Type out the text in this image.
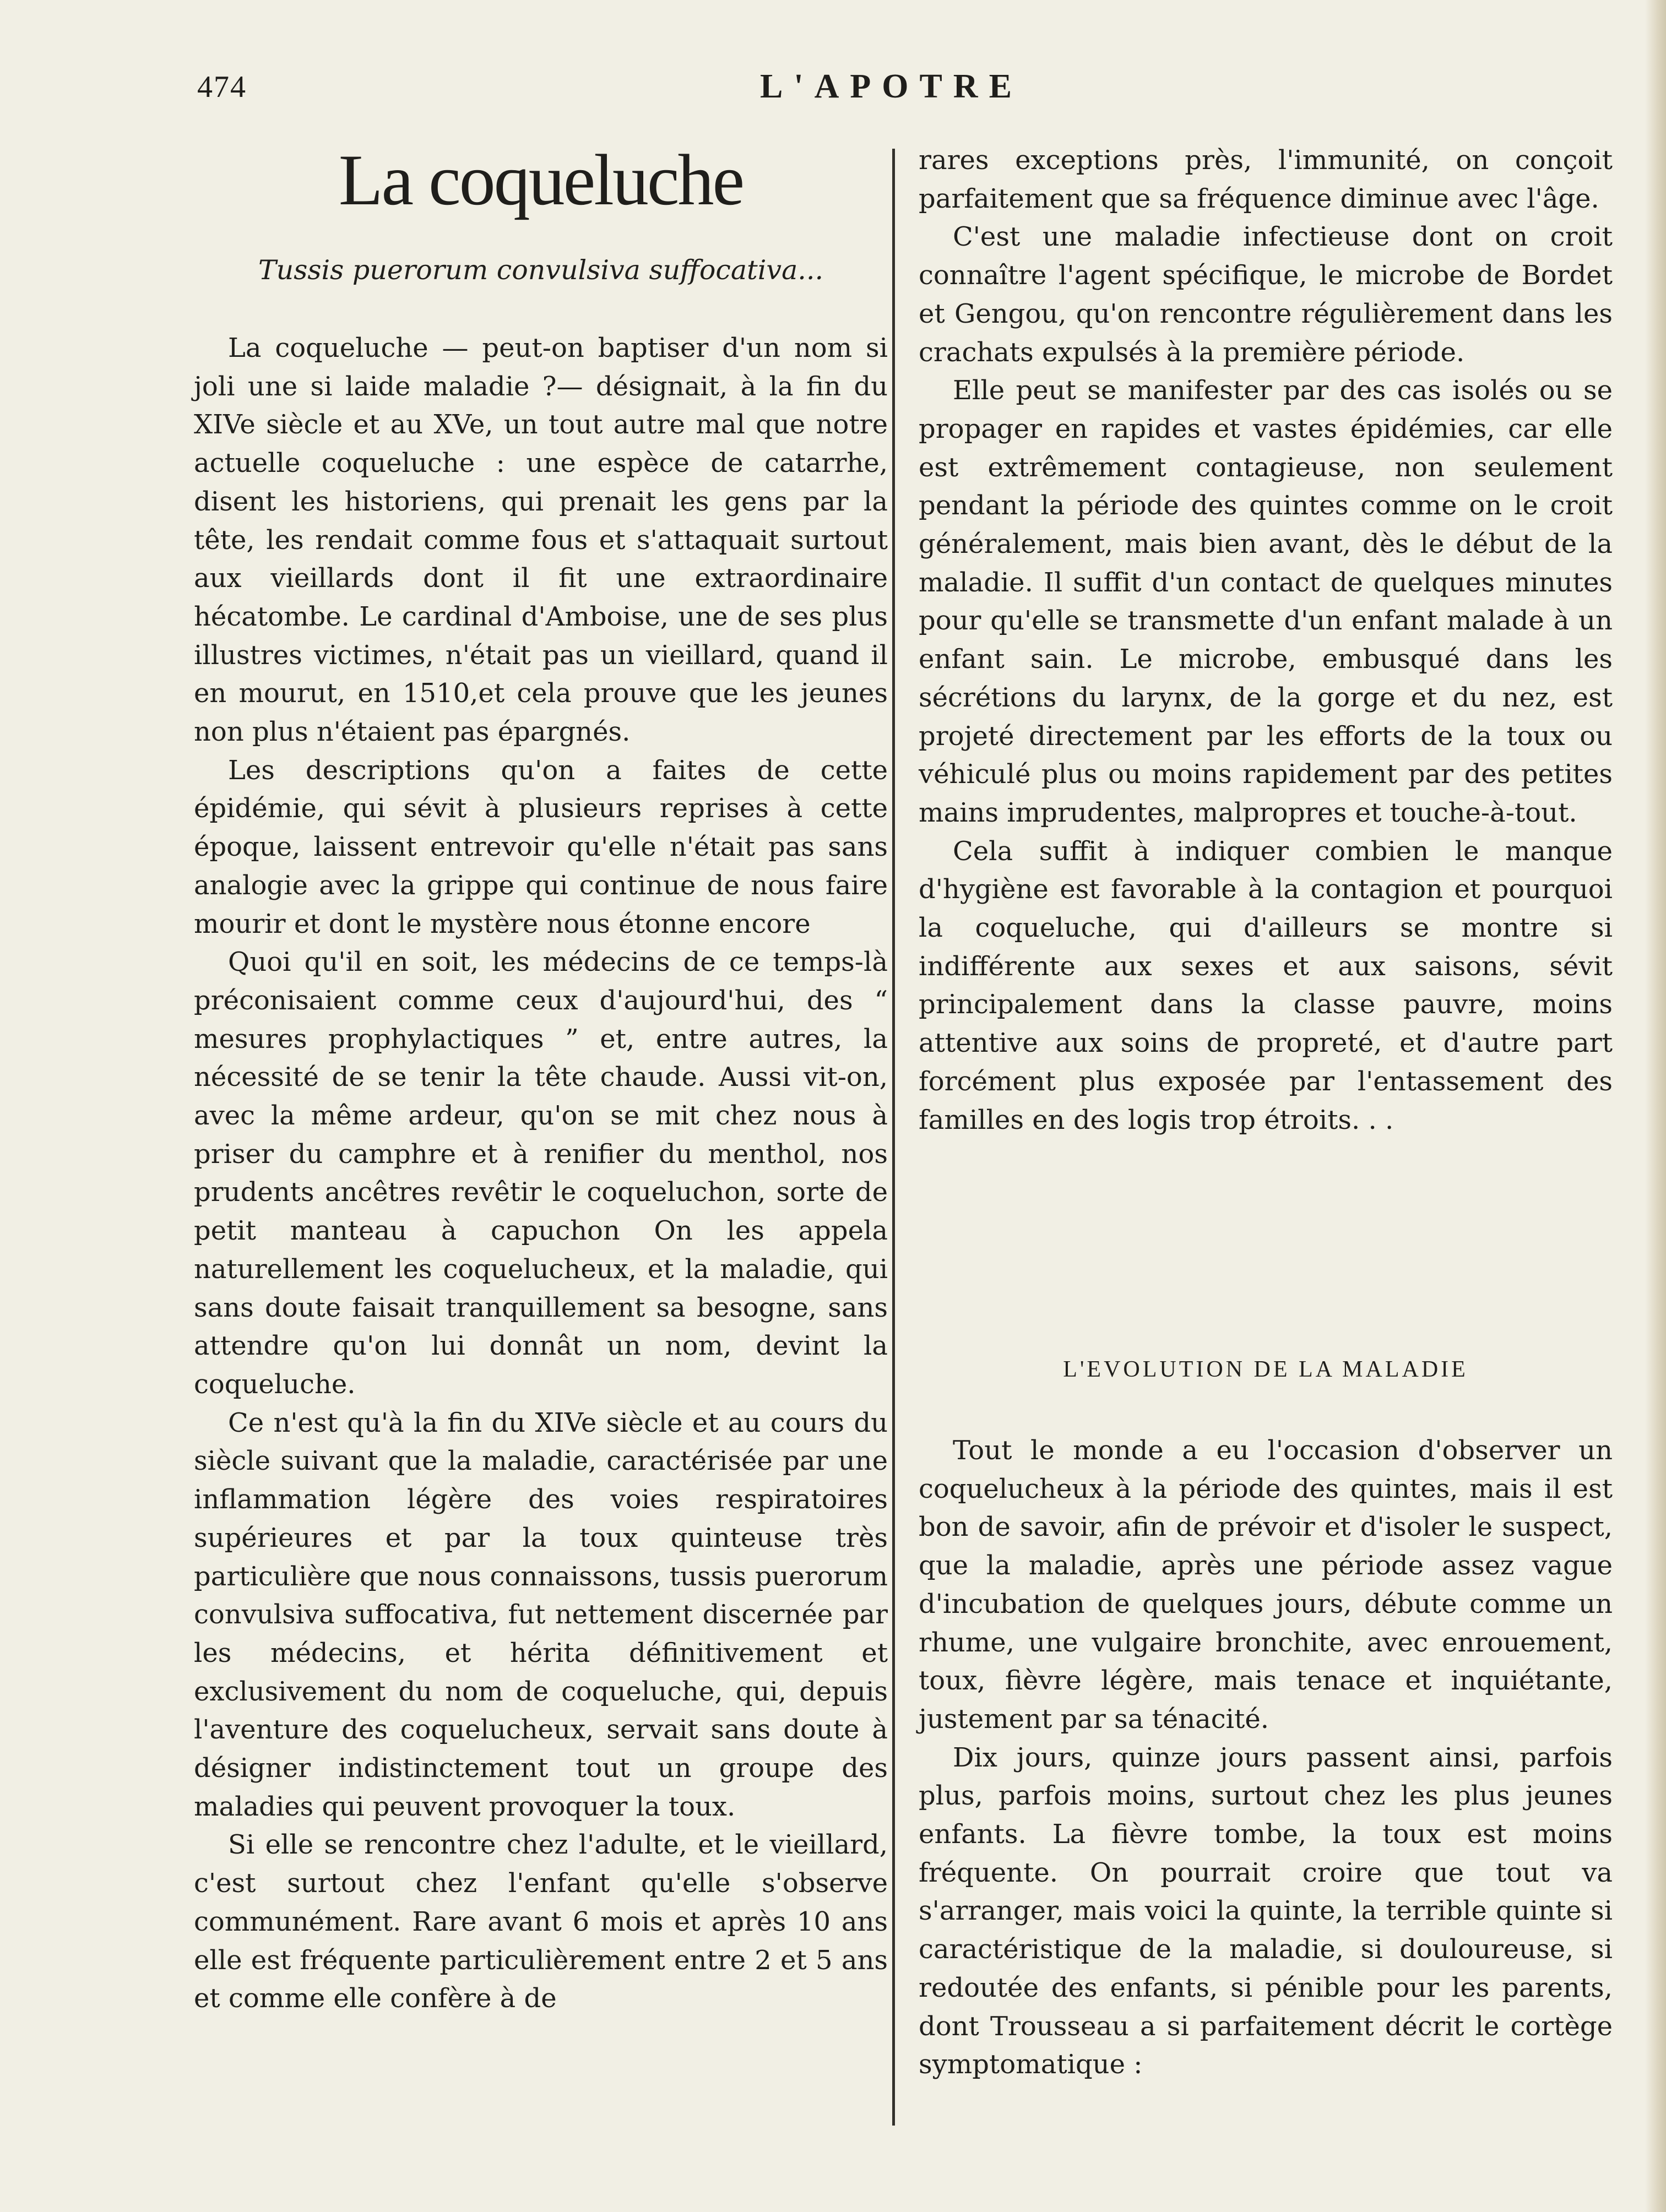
474	L'APOTRE
La coqueluche

Tussis puerorum convulsiva suffocativa...

La coqueluche — peut-on baptiser d'un nom si joli une si laide maladie ?— désignait, à la fin du XIVe siècle et au XVe, un tout autre mal que notre actuelle coqueluche : une espèce de catarrhe, disent les historiens, qui prenait les gens par la tête, les rendait comme fous et s'attaquait surtout aux vieillards dont il fit une extraordinaire hécatombe. Le cardinal d'Amboise, une de ses plus illustres victimes, n'était pas un vieillard, quand il en mourut, en 1510,et cela prouve que les jeunes non plus n'étaient pas épargnés.

Les descriptions qu'on a faites de cette épidémie, qui sévit à plusieurs reprises à cette époque, laissent entrevoir qu'elle n'était pas sans analogie avec la grippe qui continue de nous faire mourir et dont le mystère nous étonne encore

Quoi qu'il en soit, les médecins de ce temps-là préconisaient comme ceux d'aujourd'hui, des “ mesures prophylactiques ” et, entre autres, la nécessité de se tenir la tête chaude. Aussi vit-on, avec la même ardeur, qu'on se mit chez nous à priser du camphre et à renifier du menthol, nos prudents ancêtres revêtir le coqueluchon, sorte de petit manteau à capuchon On les appela naturellement les coquelucheux, et la maladie, qui sans doute faisait tranquillement sa besogne, sans attendre qu'on lui donnât un nom, devint la coqueluche.

Ce n'est qu'à la fin du XIVe siècle et au cours du siècle suivant que la maladie, caractérisée par une inflammation légère des voies respiratoires supérieures et par la toux quinteuse très particulière que nous connaissons, tussis puerorum convulsiva suffocativa, fut nettement discernée par les médecins, et hérita définitivement et exclusivement du nom de coqueluche, qui, depuis l'aventure des coquelucheux, servait sans doute à désigner indistinctement tout un groupe des maladies qui peuvent provoquer la toux.

Si elle se rencontre chez l'adulte, et le vieillard, c'est surtout chez l'enfant qu'elle s'observe communément. Rare avant 6 mois et après 10 ans elle est fréquente particulièrement entre 2 et 5 ans et comme elle confère à de

rares exceptions près, l'immunité, on conçoit parfaitement que sa fréquence diminue avec l'âge.

C'est une maladie infectieuse dont on croit connaître l'agent spécifique, le microbe de Bordet et Gengou, qu'on rencontre régulièrement dans les crachats expulsés à la première période.

Elle peut se manifester par des cas isolés ou se propager en rapides et vastes épidémies, car elle est extrêmement contagieuse, non seulement pendant la période des quintes comme on le croit généralement, mais bien avant, dès le début de la maladie. Il suffit d'un contact de quelques minutes pour qu'elle se transmette d'un enfant malade à un enfant sain. Le microbe, embusqué dans les sécrétions du larynx, de la gorge et du nez, est projeté directement par les efforts de la toux ou véhiculé plus ou moins rapidement par des petites mains imprudentes, malpropres et touche-à-tout.

Cela suffit à indiquer combien le manque d'hygiène est favorable à la contagion et pourquoi la coqueluche, qui d'ailleurs se montre si indifférente aux sexes et aux saisons, sévit principalement dans la classe pauvre, moins attentive aux soins de propreté, et d'autre part forcément plus exposée par l'entassement des familles en des logis trop étroits. . .

L'EVOLUTION DE LA MALADIE

Tout le monde a eu l'occasion d'observer un coquelucheux à la période des quintes, mais il est bon de savoir, afin de prévoir et d'isoler le suspect, que la maladie, après une période assez vague d'incubation de quelques jours, débute comme un rhume, une vulgaire bronchite, avec enrouement, toux, fièvre légère, mais tenace et inquiétante, justement par sa ténacité.

Dix jours, quinze jours passent ainsi, parfois plus, parfois moins, surtout chez les plus jeunes enfants. La fièvre tombe, la toux est moins fréquente. On pourrait croire que tout va s'arranger, mais voici la quinte, la terrible quinte si caractéristique de la maladie, si douloureuse, si redoutée des enfants, si pénible pour les parents, dont Trousseau a si parfaitement décrit le cortège symptomatique :
